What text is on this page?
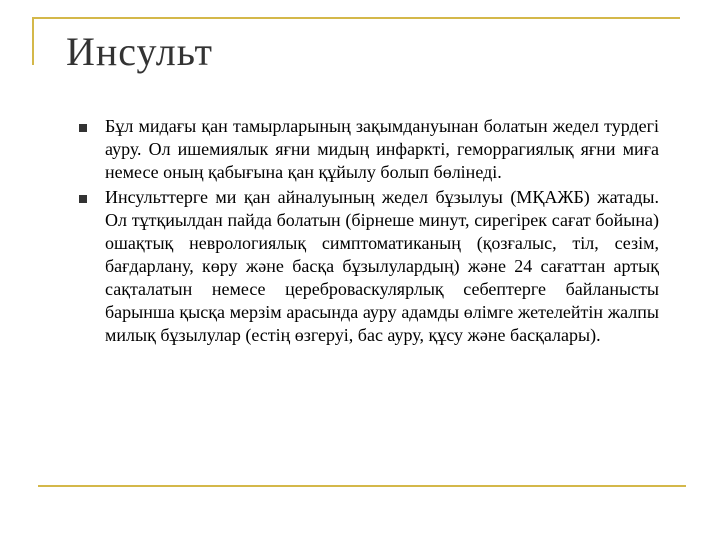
Инсульт
Бұл мидағы қан тамырларының зақымдануынан болатын жедел турдегі ауру. Ол ишемиялык яғни мидың инфаркті, геморрагиялық яғни миға немесе оның қабығына қан құйылу болып бөлінеді.
Инсульттерге ми қан айналуының жедел бұзылуы (МҚАЖБ) жатады. Ол тұтқиылдан пайда болатын (бірнеше минут, сирегірек сағат бойына) ошақтық неврологиялық симптоматиканың (қозғалыс, тіл, сезім, бағдарлану, көру және басқа бұзылулардың) және 24 сағаттан артық сақталатын немесе цереброваскулярлық себептерге байланысты барынша қысқа мерзім арасында ауру адамды өлімге жетелейтін жалпы милық бұзылулар (естің өзгеруі, бас ауру, құсу және басқалары).
